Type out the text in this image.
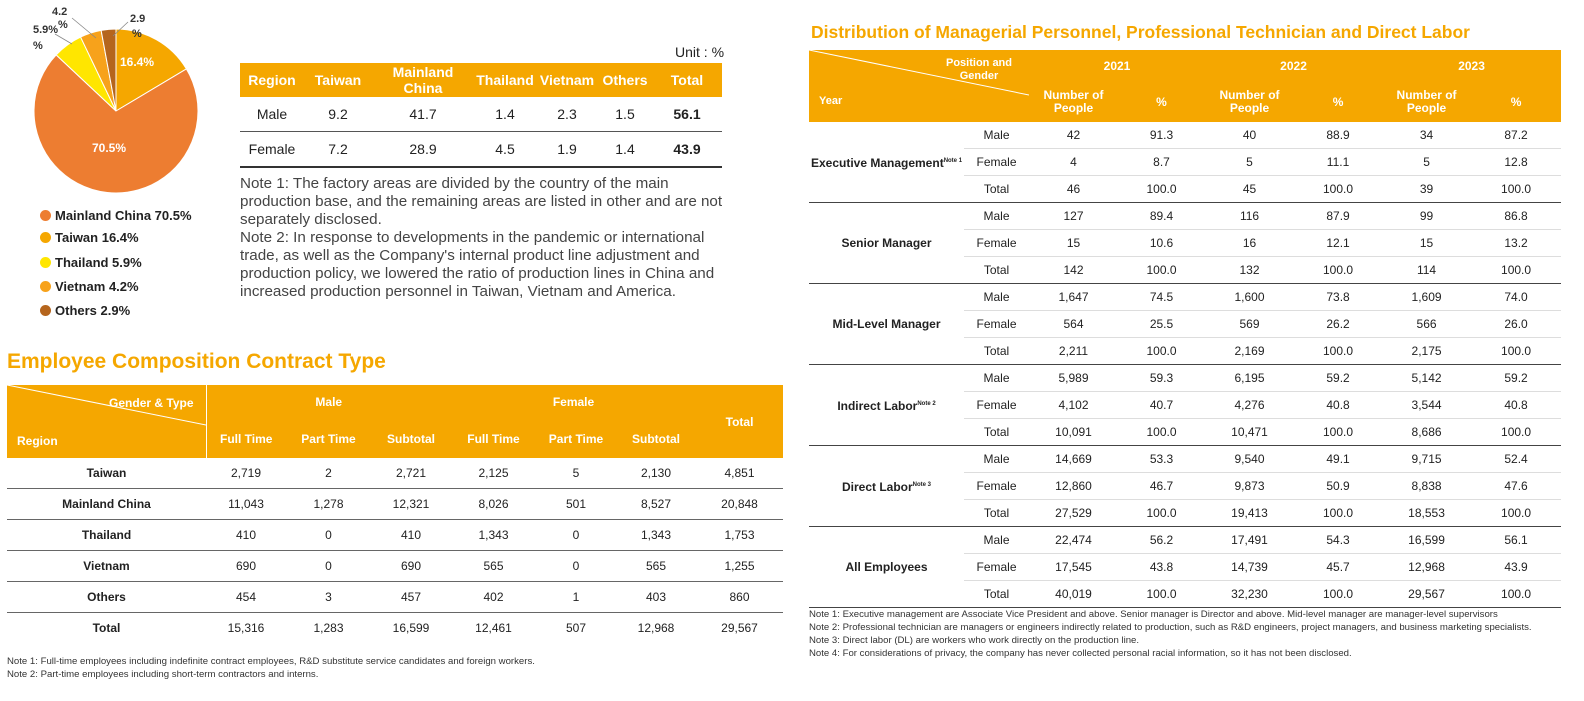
70.5%
16.4%
5.9%
%
4.2
%	2.9
%
Mainland China 70.5%
Taiwan 16.4%
Thailand 5.9%
Vietnam 4.2%
Others 2.9%
Unit : %
Region	Taiwan	Mainland China	Thailand	Vietnam	Others	Total
Male	9.2	41.7	1.4	2.3	1.5	56.1
Female	7.2	28.9	4.5	1.9	1.4	43.9
Note 1: The factory areas are divided by the country of the main production base, and the remaining areas are listed in other and are not separately disclosed.
Note 2: In response to developments in the pandemic or international trade, as well as the Company's internal product line adjustment and production policy, we lowered the ratio of production lines in China and increased production personnel in Taiwan, Vietnam and America.
Employee Composition Contract Type
Gender & Type
Region	Male			Female			Total
	Full Time	Part Time	Subtotal	Full Time	Part Time	Subtotal	
Taiwan	2,719	2	2,721	2,125	5	2,130	4,851
Mainland China	11,043	1,278	12,321	8,026	501	8,527	20,848
Thailand	410	0	410	1,343	0	1,343	1,753
Vietnam	690	0	690	565	0	565	1,255
Others	454	3	457	402	1	403	860
Total	15,316	1,283	16,599	12,461	507	12,968	29,567
Note 1: Full-time employees including indefinite contract employees, R&D substitute service candidates and foreign workers.
Note 2: Part-time employees including short-term contractors and interns.
Distribution of Managerial Personnel, Professional Technician and Direct Labor
Position and Gender
Year		2021		2022		2023	
		Number of People	%	Number of People	%	Number of People	%
Executive Management$^{Note 1}$	Male	42	91.3	40	88.9	34	87.2
	Female	4	8.7	5	11.1	5	12.8
	Total	46	100.0	45	100.0	39	100.0
Senior Manager	Male	127	89.4	116	87.9	99	86.8
	Female	15	10.6	16	12.1	15	13.2
	Total	142	100.0	132	100.0	114	100.0
Mid-Level Manager	Male	1,647	74.5	1,600	73.8	1,609	74.0
	Female	564	25.5	569	26.2	566	26.0
	Total	2,211	100.0	2,169	100.0	2,175	100.0
Indirect Labor$^{Note 2}$	Male	5,989	59.3	6,195	59.2	5,142	59.2
	Female	4,102	40.7	4,276	40.8	3,544	40.8
	Total	10,091	100.0	10,471	100.0	8,686	100.0
Direct Labor$^{Note 3}$	Male	14,669	53.3	9,540	49.1	9,715	52.4
	Female	12,860	46.7	9,873	50.9	8,838	47.6
	Total	27,529	100.0	19,413	100.0	18,553	100.0
All Employees	Male	22,474	56.2	17,491	54.3	16,599	56.1
	Female	17,545	43.8	14,739	45.7	12,968	43.9
	Total	40,019	100.0	32,230	100.0	29,567	100.0
Note 1: Executive management are Associate Vice President and above. Senior manager is Director and above. Mid-level manager are manager-level supervisors
Note 2: Professional technician are managers or engineers indirectly related to production, such as R&D engineers, project managers, and business marketing specialists.
Note 3: Direct labor (DL) are workers who work directly on the production line.
Note 4: For considerations of privacy, the company has never collected personal racial information, so it has not been disclosed.
